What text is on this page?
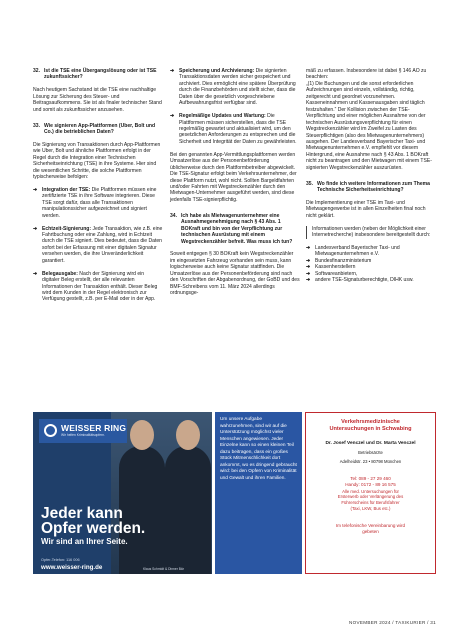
32. Ist die TSE eine Übergangslösung oder ist TSE zukunftssicher?

Nach heutigem Sachstand ist die TSE eine nachhaltige Lösung zur Sicherung des Steuer- und Beitragsaufkommens. Sie ist als finaler technischer Stand und somit als zukunftssicher anzusehen.

33. Wie signieren App-Plattformen (Uber, Bolt und Co.) die betrieblichen Daten?

Die Signierung von Transaktionen durch App-Plattformen wie Uber, Bolt und ähnliche Plattformen erfolgt in der Regel durch die Integration einer Technischen Sicherheitseinrichtung (TSE) in ihre Systeme. Hier sind die wesentlichen Schritte, die solche Plattformen typischerweise befolgen:

➔ Integration der TSE: Die Plattformen müssen eine zertifizierte TSE in ihre Software integrieren. Diese TSE sorgt dafür, dass alle Transaktionen manipulationssicher aufgezeichnet und signiert werden.
➔ Echtzeit-Signierung: Jede Transaktion, wie z.B. eine Fahrtbuchung oder eine Zahlung, wird in Echtzeit durch die TSE signiert. Dies bedeutet, dass die Daten sofort bei der Erfassung mit einer digitalen Signatur versehen werden, die ihre Unveränderlichkeit garantiert.
➔ Belegausgabe: Nach der Signierung wird ein digitaler Beleg erstellt, der alle relevanten Informationen der Transaktion enthält. Dieser Beleg wird dem Kunden in der Regel elektronisch zur Verfügung gestellt, z.B. per E-Mail oder in der App.
➔ Speicherung und Archivierung: Die signierten Transaktionsdaten werden sicher gespeichert und archiviert. Dies ermöglicht eine spätere Überprüfung durch die Finanzbehörden und stellt sicher, dass die Daten über die gesetzlich vorgeschriebene Aufbewahrungsfrist verfügbar sind.
➔ Regelmäßige Updates und Wartung: Die Plattformen müssen sicherstellen, dass die TSE regelmäßig gewartet und aktualisiert wird, um den gesetzlichen Anforderungen zu entsprechen und die Sicherheit und Integrität der Daten zu gewährleisten.

Bei den genannten App-Vermittlungsplattformen werden Umsatzerlöse aus der Personenbeförderung üblicherweise durch den Plattformbetreiber abgewickelt. Die TSE-Signatur erfolgt beim Verkehrsunternehmer, der diese Plattform nutzt, wohl nicht. Sollten Bargeldfahrten und/oder Fahrten mit Wegstreckenzähler durch den Mietwagen-Unternehmer ausgeführt werden, sind diese jedenfalls TSE-signierpflichtig.

34. Ich habe als Mietwagenunternehmer eine Ausnahmegenehmigung nach § 43 Abs. 1 BOKraft und bin von der Verpflichtung zur technischen Ausrüstung mit einem Wegstreckenzähler befreit. Was muss ich tun?

Soweit entgegen § 30 BOKraft kein Wegstreckenzähler im eingesetzten Fahrzeug vorhanden sein muss, kann logischerweise auch keine Signatur stattfinden. Die Umsatzerlöse aus der Personenbeförderung sind nach den Vorschriften der Abgabenordnung, der GoBD und des BMF-Schreibens vom 11. März 2024 allerdings ordnungsge-

mäß zu erfassen. Insbesondere ist dabei § 146 AO zu beachten:

„(1) Die Buchungen und die sonst erforderlichen Aufzeichnungen sind einzeln, vollständig, richtig, zeitgerecht und geordnet vorzunehmen. Kasseneinnahmen und Kassenausgaben sind täglich festzuhalten.“ Der Kollision zwischen der TSE-Verpflichtung und einer möglichen Ausnahme von der technischen Ausrüstungsverpflichtung für einen Wegstreckenzähler wird im Zweifel zu Lasten des Steuerpflichtigen (also des Mietwagenunternehmers) ausgehen. Der Landesverband Bayerischer Taxi- und Mietwagenunternehmen e.V. empfiehlt vor diesem Hintergrund, eine Ausnahme nach § 43 Abs. 1 BOKraft nicht zu beantragen und den Mietwagen mit einem TSE-signierten Wegstreckenzähler auszurüsten.

35. Wo finde ich weitere Informationen zum Thema Technische Sicherheitseinrichtung?

Die Implementierung einer TSE im Taxi- und Mietwagengewerbe ist in allen Einzelheiten final noch nicht geklärt.

Informationen werden (neben der Möglichkeit einer Internetrecherche) insbesondere bereitgestellt durch:
➔ Landesverband Bayerischer Taxi- und Mietwagenunternehmen e.V.
➔ Bundesfinanzministerium
➔ Kassenherstellern
➔ Softwareanbietern,
➔ andere TSE-Signaturberechtigte, DIHK usw.
WEISSER RING
Wir helfen Kriminalitätsopfern.
Jeder kann
Opfer werden.
Wir sind an Ihrer Seite.
Opfer-Telefon: 116 006
www.weisser-ring.de	Klaus Schmidt & Dinner Bär
Um unsere Aufgabe wahrzunehmen, sind wir auf die Unterstützung möglichst vieler Menschen angewiesen. Jeder Einzelne kann so einen kleinen Teil dazu beitragen, dass ein großes Stück Mitmenschlichkeit dort ankommt, wo es dringend gebraucht wird: bei den Opfern von Kriminalität und Gewalt und ihren Familien.
Verkehrsmedizinische
Untersuchungen in Schwabing
Dr. Josef Venczel und Dr. Marta Venczel
Betriebsärzte
Adelheidstr. 23 • 80798 München
Tel: 089 - 27 29 460
Handy: 0172 - 89 16 575
Alle med. Untersuchungen für
Ersterwerb oder Verlängerung des
Führerscheins für Berufsfahrer
(Taxi, LKW, Bus etc.)
Im telefonische Vereinbarung wird
gebeten
NOVEMBER 2024 / TAXIKURIER / 31
